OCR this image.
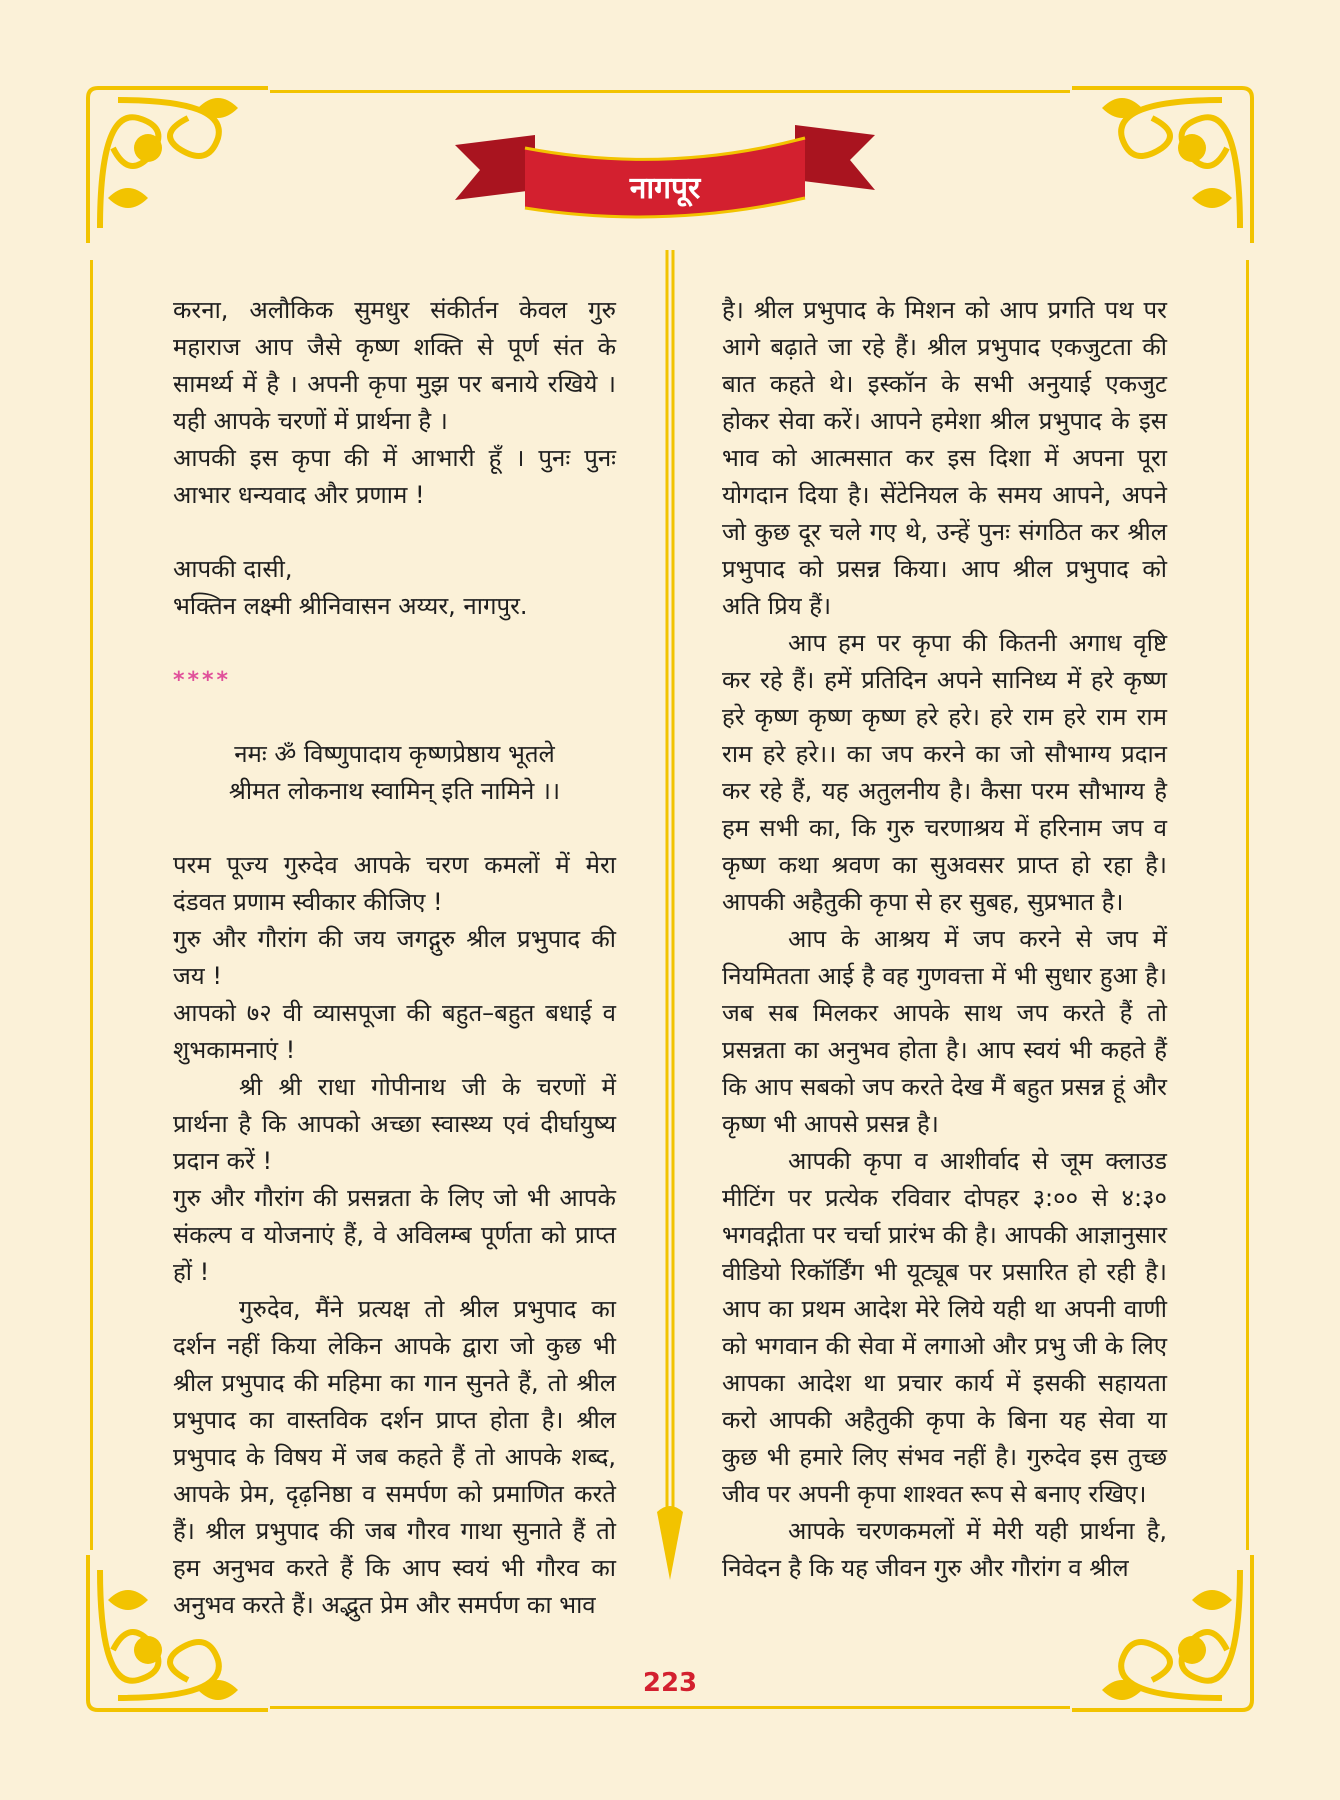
नागपूर

करना, अलौकिक सुमधुर संकीर्तन केवल गुरु महाराज आप जैसे कृष्ण शक्ति से पूर्ण संत के सामर्थ्य में है । अपनी कृपा मुझ पर बनाये रखिये । यही आपके चरणों में प्रार्थना है ।

आपकी इस कृपा की में आभारी हूँ । पुनः पुनः आभार धन्यवाद और प्रणाम !

आपकी दासी,

भक्तिन लक्ष्मी श्रीनिवासन अय्यर, नागपुर.

****

नमः ॐ विष्णुपादाय कृष्णप्रेष्ठाय भूतले

श्रीमत लोकनाथ स्वामिन् इति नामिने ।।

परम पूज्य गुरुदेव आपके चरण कमलों में मेरा दंडवत प्रणाम स्वीकार कीजिए !

गुरु और गौरांग की जय जगद्गुरु श्रील प्रभुपाद की जय !

आपको ७२ वी व्यासपूजा की बहुत–बहुत बधाई व शुभकामनाएं !

श्री श्री राधा गोपीनाथ जी के चरणों में प्रार्थना है कि आपको अच्छा स्वास्थ्य एवं दीर्घायुष्य प्रदान करें !

गुरु और गौरांग की प्रसन्नता के लिए जो भी आपके संकल्प व योजनाएं हैं, वे अविलम्ब पूर्णता को प्राप्त हों !

गुरुदेव, मैंने प्रत्यक्ष तो श्रील प्रभुपाद का दर्शन नहीं किया लेकिन आपके द्वारा जो कुछ भी श्रील प्रभुपाद की महिमा का गान सुनते हैं, तो श्रील प्रभुपाद का वास्तविक दर्शन प्राप्त होता है। श्रील प्रभुपाद के विषय में जब कहते हैं तो आपके शब्द, आपके प्रेम, दृढ़निष्ठा व समर्पण को प्रमाणित करते हैं। श्रील प्रभुपाद की जब गौरव गाथा सुनाते हैं तो हम अनुभव करते हैं कि आप स्वयं भी गौरव का अनुभव करते हैं। अद्भुत प्रेम और समर्पण का भाव

है। श्रील प्रभुपाद के मिशन को आप प्रगति पथ पर आगे बढ़ाते जा रहे हैं। श्रील प्रभुपाद एकजुटता की बात कहते थे। इस्कॉन के सभी अनुयाई एकजुट होकर सेवा करें। आपने हमेशा श्रील प्रभुपाद के इस भाव को आत्मसात कर इस दिशा में अपना पूरा योगदान दिया है। सेंटेनियल के समय आपने, अपने जो कुछ दूर चले गए थे, उन्हें पुनः संगठित कर श्रील प्रभुपाद को प्रसन्न किया। आप श्रील प्रभुपाद को अति प्रिय हैं।

आप हम पर कृपा की कितनी अगाध वृष्टि कर रहे हैं। हमें प्रतिदिन अपने सानिध्य में हरे कृष्ण हरे कृष्ण कृष्ण कृष्ण हरे हरे। हरे राम हरे राम राम राम हरे हरे।। का जप करने का जो सौभाग्य प्रदान कर रहे हैं, यह अतुलनीय है। कैसा परम सौभाग्य है हम सभी का, कि गुरु चरणाश्रय में हरिनाम जप व कृष्ण कथा श्रवण का सुअवसर प्राप्त हो रहा है। आपकी अहैतुकी कृपा से हर सुबह, सुप्रभात है।

आप के आश्रय में जप करने से जप में नियमितता आई है वह गुणवत्ता में भी सुधार हुआ है। जब सब मिलकर आपके साथ जप करते हैं तो प्रसन्नता का अनुभव होता है। आप स्वयं भी कहते हैं कि आप सबको जप करते देख मैं बहुत प्रसन्न हूं और कृष्ण भी आपसे प्रसन्न है।

आपकी कृपा व आशीर्वाद से जूम क्लाउड मीटिंग पर प्रत्येक रविवार दोपहर ३:०० से ४:३० भगवद्गीता पर चर्चा प्रारंभ की है। आपकी आज्ञानुसार वीडियो रिकॉर्डिंग भी यूट्यूब पर प्रसारित हो रही है। आप का प्रथम आदेश मेरे लिये यही था अपनी वाणी को भगवान की सेवा में लगाओ और प्रभु जी के लिए आपका आदेश था प्रचार कार्य में इसकी सहायता करो आपकी अहैतुकी कृपा के बिना यह सेवा या कुछ भी हमारे लिए संभव नहीं है। गुरुदेव इस तुच्छ जीव पर अपनी कृपा शाश्वत रूप से बनाए रखिए।

आपके चरणकमलों में मेरी यही प्रार्थना है, निवेदन है कि यह जीवन गुरु और गौरांग व श्रील

223
